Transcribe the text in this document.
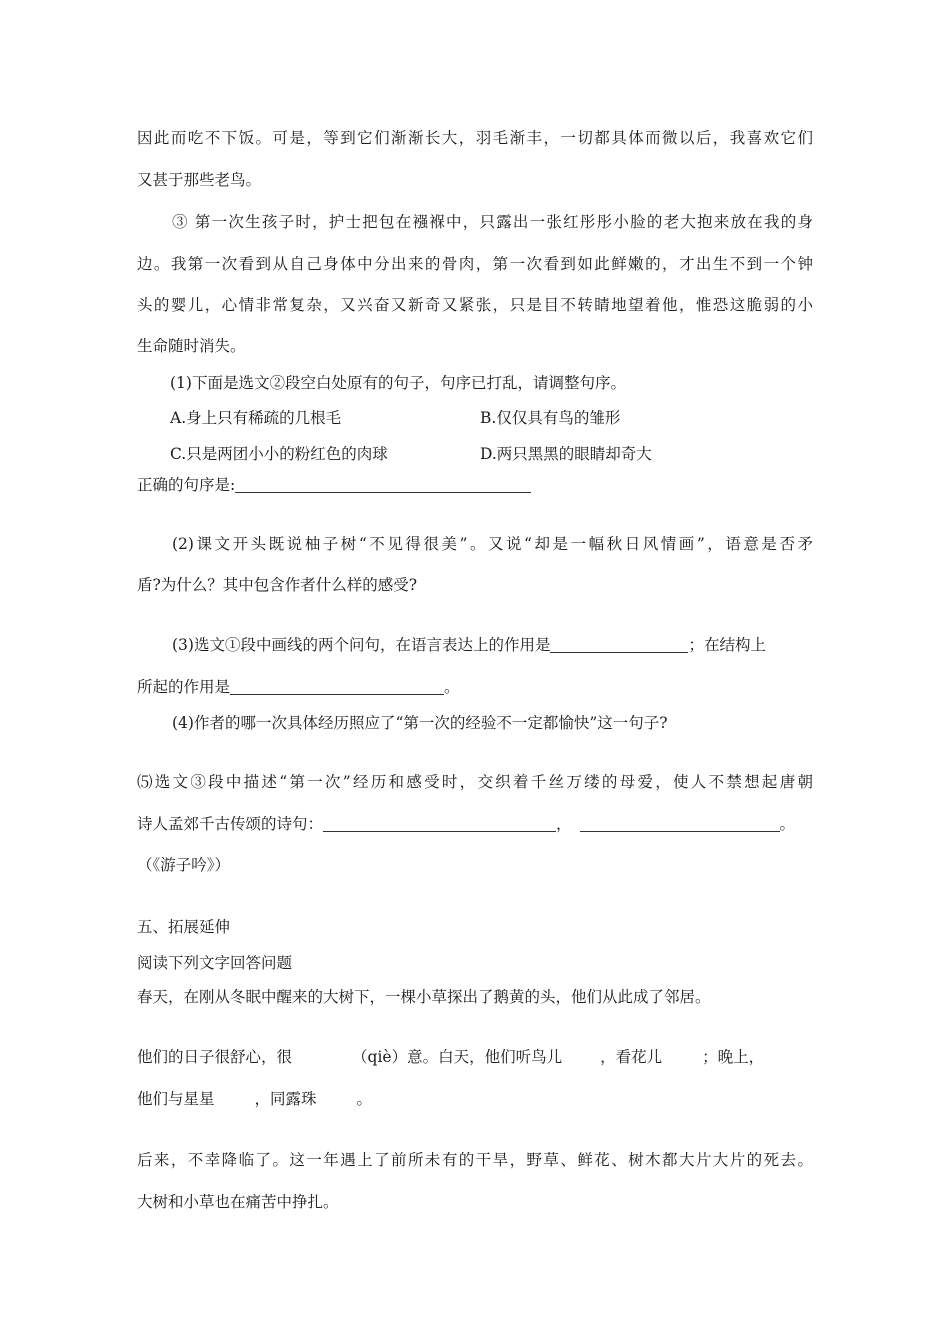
因此而吃不下饭。可是，等到它们渐渐长大，羽毛渐丰，一切都具体而微以后，我喜欢它们
又甚于那些老鸟。
③ 第一次生孩子时，护士把包在襁褓中，只露出一张红彤彤小脸的老大抱来放在我的身
边。我第一次看到从自己身体中分出来的骨肉，第一次看到如此鲜嫩的，才出生不到一个钟
头的婴儿，心情非常复杂，又兴奋又新奇又紧张，只是目不转睛地望着他，惟恐这脆弱的小
生命随时消失。
(1)下面是选文②段空白处原有的句子，句序已打乱，请调整句序。
A.身上只有稀疏的几根毛	B.仅仅具有鸟的雏形
C.只是两团小小的粉红色的肉球	D.两只黑黑的眼睛却奇大
正确的句序是:
(2)课文开头既说柚子树“不见得很美”。又说“却是一幅秋日风情画”，语意是否矛
盾?为什么？其中包含作者什么样的感受?
(3)选文①段中画线的两个问句，在语言表达上的作用是	；在结构上
所起的作用是	。
(4)作者的哪一次具体经历照应了“第一次的经验不一定都愉快”这一句子?
⑸选文③段中描述“第一次”经历和感受时，交织着千丝万缕的母爱，使人不禁想起唐朝
诗人孟郊千古传颂的诗句：	，	。
（《游子吟》）
五、拓展延伸
阅读下列文字回答问题
春天，在刚从冬眠中醒来的大树下，一棵小草探出了鹅黄的头，他们从此成了邻居。
他们的日子很舒心，很	（qiè）意。白天，他们听鸟儿 ，看花儿	；晚上，
他们与星星	，同露珠	。
后来，不幸降临了。这一年遇上了前所未有的干旱，野草、鲜花、树木都大片大片的死去。
大树和小草也在痛苦中挣扎。
